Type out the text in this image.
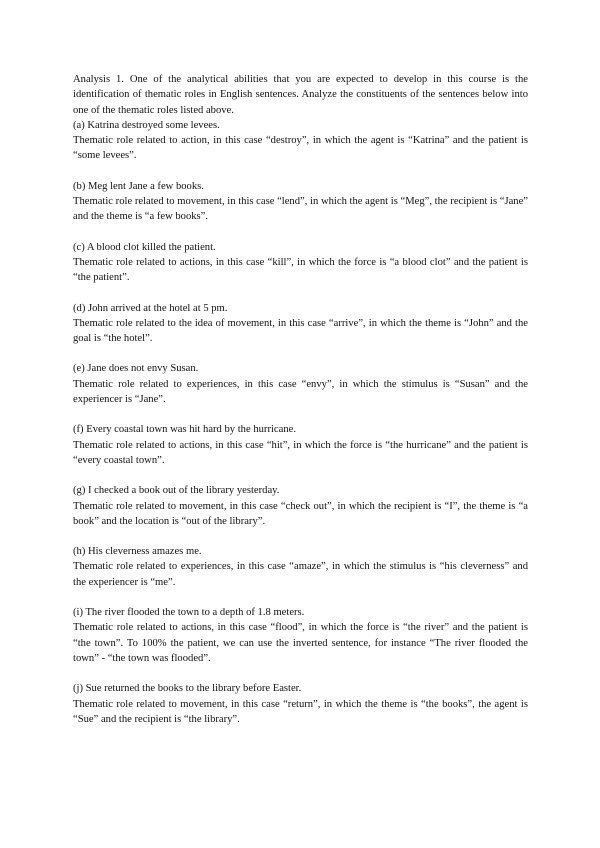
Analysis 1. One of the analytical abilities that you are expected to develop in this course is the identification of thematic roles in English sentences. Analyze the constituents of the sentences below into one of the thematic roles listed above.

(a) Katrina destroyed some levees.

Thematic role related to action, in this case “destroy”, in which the agent is “Katrina” and the patient is “some levees”.

(b) Meg lent Jane a few books.

Thematic role related to movement, in this case “lend”, in which the agent is “Meg”, the recipient is “Jane” and the theme is “a few books”.

(c) A blood clot killed the patient.

Thematic role related to actions, in this case “kill”, in which the force is “a blood clot” and the patient is “the patient”.

(d) John arrived at the hotel at 5 pm.

Thematic role related to the idea of movement, in this case “arrive”, in which the theme is “John” and the goal is “the hotel”.

(e) Jane does not envy Susan.

Thematic role related to experiences, in this case “envy”, in which the stimulus is “Susan” and the experiencer is “Jane”.

(f) Every coastal town was hit hard by the hurricane.

Thematic role related to actions, in this case “hit”, in which the force is “the hurricane” and the patient is “every coastal town”.

(g) I checked a book out of the library yesterday.

Thematic role related to movement, in this case “check out”, in which the recipient is “I”, the theme is “a book” and the location is “out of the library”.

(h) His cleverness amazes me.

Thematic role related to experiences, in this case “amaze”, in which the stimulus is “his cleverness” and the experiencer is “me”.

(i) The river flooded the town to a depth of 1.8 meters.

Thematic role related to actions, in this case “flood”, in which the force is “the river” and the patient is “the town”. To 100% the patient, we can use the inverted sentence, for instance “The river flooded the town” - “the town was flooded”.

(j) Sue returned the books to the library before Easter.

Thematic role related to movement, in this case “return”, in which the theme is “the books”, the agent is “Sue” and the recipient is “the library”.
